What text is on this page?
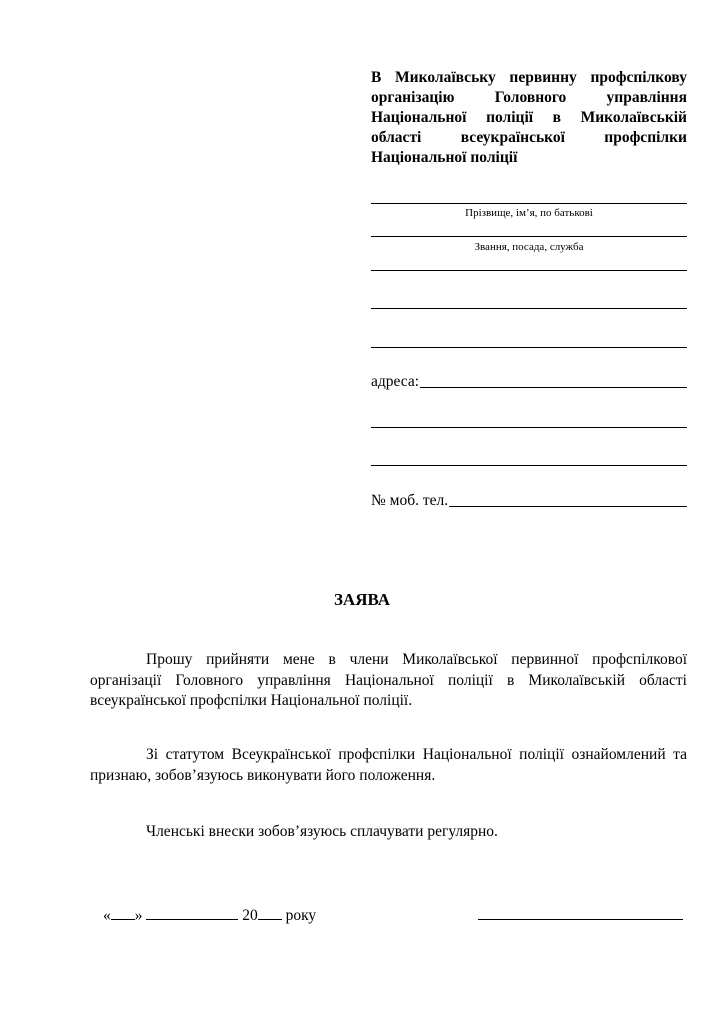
В Миколаївську первинну профспілкову організацію Головного управління Національної поліції в Миколаївській області всеукраїнської профспілки Національної поліції

Прізвище, ім’я, по батькові
Звання, посада, служба
адреса:
№ моб. тел.
ЗАЯВА

Прошу прийняти мене в члени Миколаївської первинної профспілкової організації Головного управління Національної поліції в Миколаївській області всеукраїнської профспілки Національної поліції.

Зі статутом Всеукраїнської профспілки Національної поліції ознайомлений та признаю, зобов’язуюсь виконувати його положення.

Членські внески зобов’язуюсь сплачувати регулярно.

« »	20 року
